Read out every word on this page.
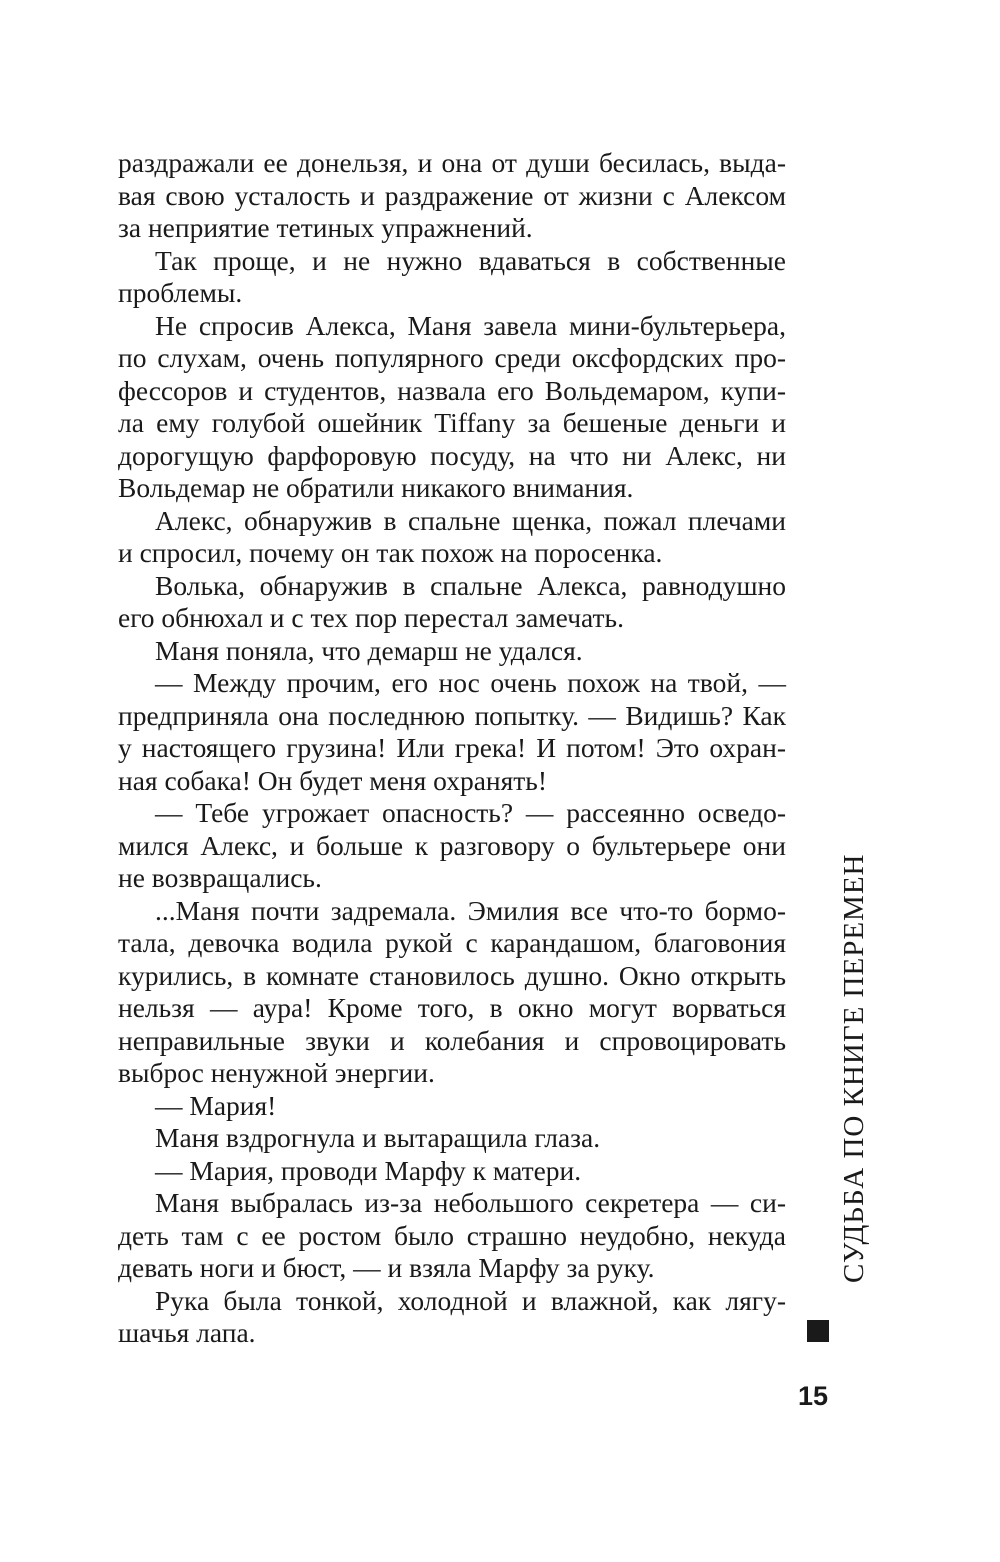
раздражали ее донельзя, и она от души бесилась, выда-
вая свою усталость и раздражение от жизни с Алексом
за неприятие тетиных упражнений.
Так проще, и не нужно вдаваться в собственные
проблемы.
Не спросив Алекса, Маня завела мини-бультерьера,
по слухам, очень популярного среди оксфордских про-
фессоров и студентов, назвала его Вольдемаром, купи-
ла ему голубой ошейник Tiffany за бешеные деньги и
дорогущую фарфоровую посуду, на что ни Алекс, ни
Вольдемар не обратили никакого внимания.
Алекс, обнаружив в спальне щенка, пожал плечами
и спросил, почему он так похож на поросенка.
Волька, обнаружив в спальне Алекса, равнодушно
его обнюхал и с тех пор перестал замечать.
Маня поняла, что демарш не удался.
— Между прочим, его нос очень похож на твой, —
предприняла она последнюю попытку. — Видишь? Как
у настоящего грузина! Или грека! И потом! Это охран-
ная собака! Он будет меня охранять!
— Тебе угрожает опасность? — рассеянно осведо-
мился Алекс, и больше к разговору о бультерьере они
не возвращались.
...Маня почти задремала. Эмилия все что-то бормо-
тала, девочка водила рукой с карандашом, благовония
курились, в комнате становилось душно. Окно открыть
нельзя — аура! Кроме того, в окно могут ворваться
неправильные звуки и колебания и спровоцировать
выброс ненужной энергии.
— Мария!
Маня вздрогнула и вытаращила глаза.
— Мария, проводи Марфу к матери.
Маня выбралась из-за небольшого секретера — си-
деть там с ее ростом было страшно неудобно, некуда
девать ноги и бюст, — и взяла Марфу за руку.
Рука была тонкой, холодной и влажной, как лягу-
шачья лапа.
СУДЬБА ПО КНИГЕ ПЕРЕМЕН
15
